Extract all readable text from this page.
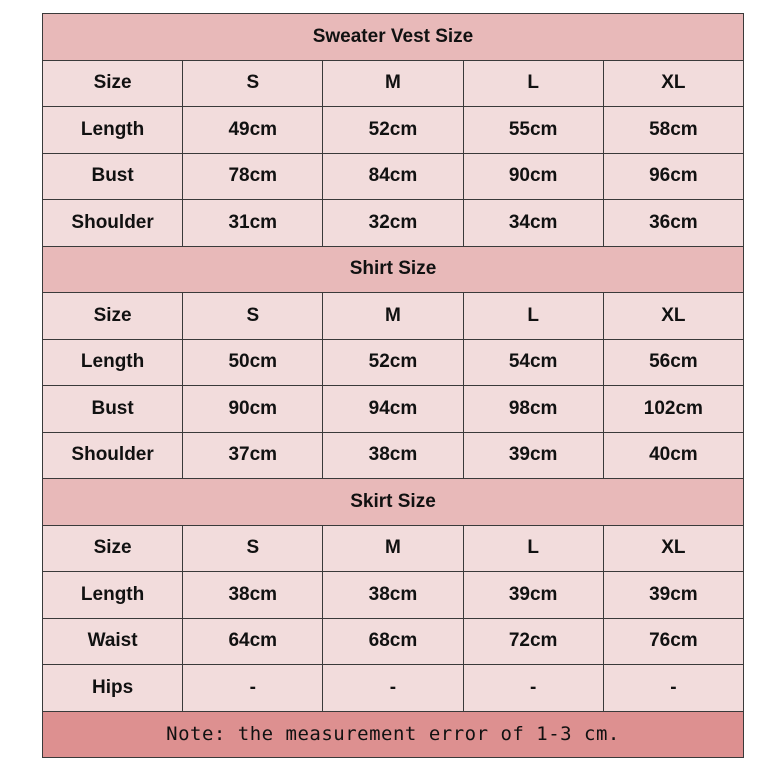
Sweater Vest Size				
Size	S	M	L	XL
Length	49cm	52cm	55cm	58cm
Bust	78cm	84cm	90cm	96cm
Shoulder	31cm	32cm	34cm	36cm
Shirt Size				
Size	S	M	L	XL
Length	50cm	52cm	54cm	56cm
Bust	90cm	94cm	98cm	102cm
Shoulder	37cm	38cm	39cm	40cm
Skirt Size				
Size	S	M	L	XL
Length	38cm	38cm	39cm	39cm
Waist	64cm	68cm	72cm	76cm
Hips	-	-	-	-
Note: the measurement error of 1-3 cm.				
